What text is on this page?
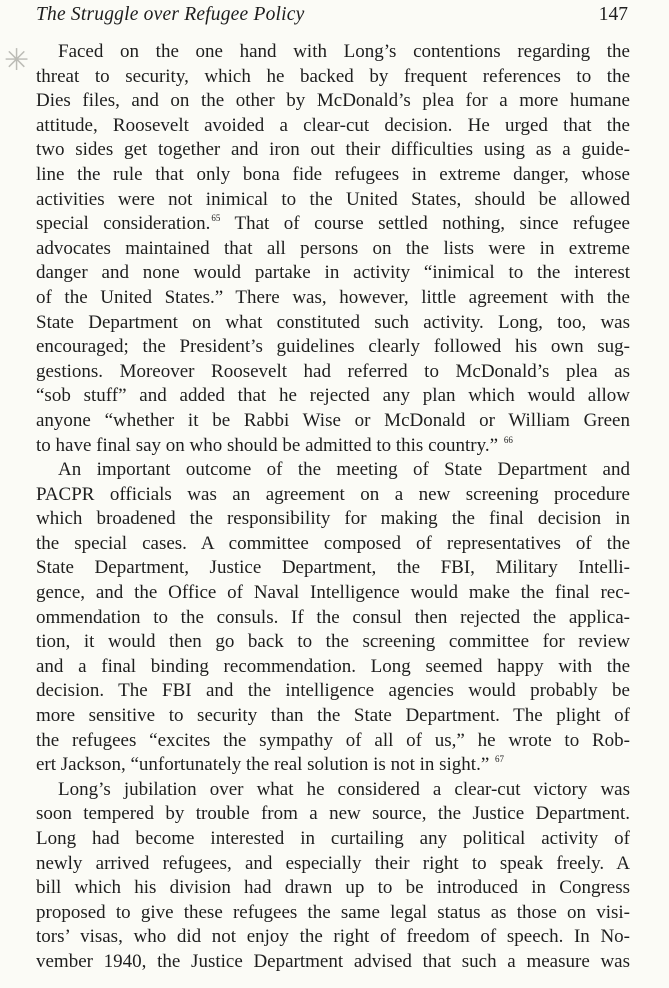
The Struggle over Refugee Policy	147
✳	Faced on the one hand with Long’s contentions regarding the
threat to security, which he backed by frequent references to the
Dies files, and on the other by McDonald’s plea for a more humane
attitude, Roosevelt avoided a clear-cut decision. He urged that the
two sides get together and iron out their difficulties using as a guide-
line the rule that only bona fide refugees in extreme danger, whose
activities were not inimical to the United States, should be allowed
special consideration.$^{65}$ That of course settled nothing, since refugee
advocates maintained that all persons on the lists were in extreme
danger and none would partake in activity “inimical to the interest
of the United States.” There was, however, little agreement with the
State Department on what constituted such activity. Long, too, was
encouraged; the President’s guidelines clearly followed his own sug-
gestions. Moreover Roosevelt had referred to McDonald’s plea as
“sob stuff” and added that he rejected any plan which would allow
anyone “whether it be Rabbi Wise or McDonald or William Green
to have final say on who should be admitted to this country.” $^{66}$
An important outcome of the meeting of State Department and
PACPR officials was an agreement on a new screening procedure
which broadened the responsibility for making the final decision in
the special cases. A committee composed of representatives of the
State Department, Justice Department, the FBI, Military Intelli-
gence, and the Office of Naval Intelligence would make the final rec-
ommendation to the consuls. If the consul then rejected the applica-
tion, it would then go back to the screening committee for review
and a final binding recommendation. Long seemed happy with the
decision. The FBI and the intelligence agencies would probably be
more sensitive to security than the State Department. The plight of
the refugees “excites the sympathy of all of us,” he wrote to Rob-
ert Jackson, “unfortunately the real solution is not in sight.” $^{67}$
Long’s jubilation over what he considered a clear-cut victory was
soon tempered by trouble from a new source, the Justice Department.
Long had become interested in curtailing any political activity of
newly arrived refugees, and especially their right to speak freely. A
bill which his division had drawn up to be introduced in Congress
proposed to give these refugees the same legal status as those on visi-
tors’ visas, who did not enjoy the right of freedom of speech. In No-
vember 1940, the Justice Department advised that such a measure was
